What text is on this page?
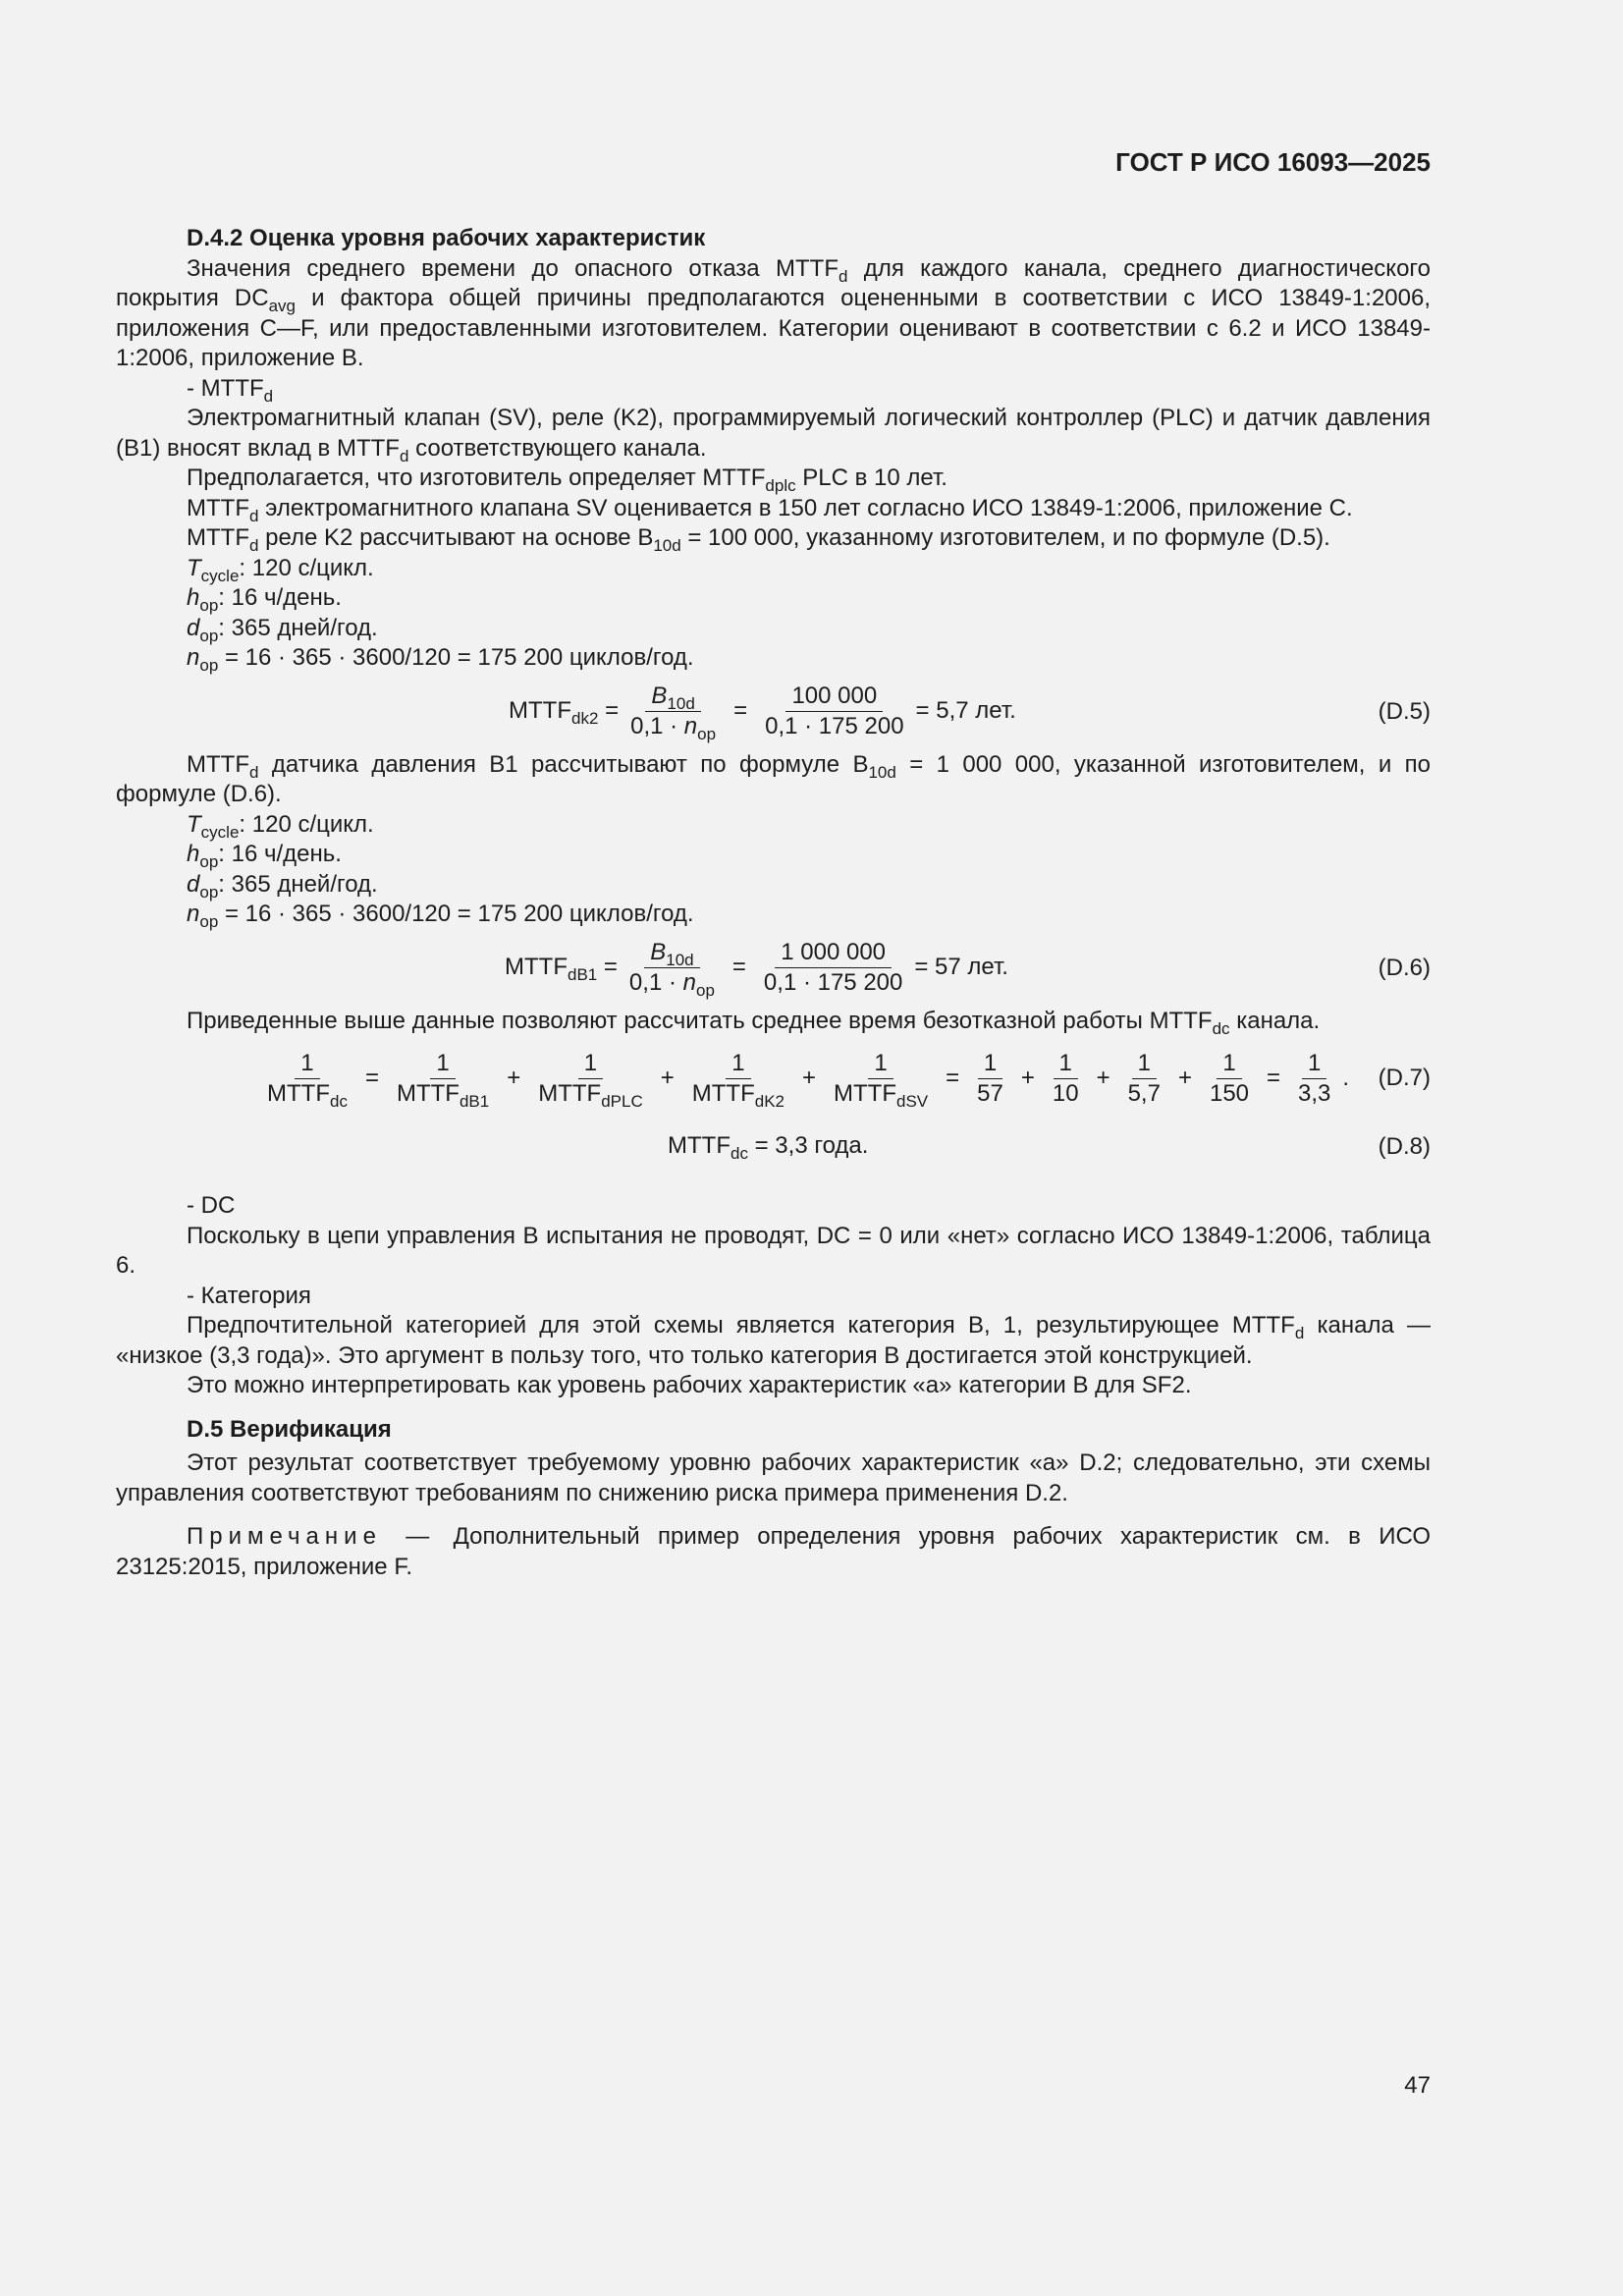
ГОСТ Р ИСО 16093—2025

D.4.2 Оценка уровня рабочих характеристик

Значения среднего времени до опасного отказа $MTTF_d$ для каждого канала, среднего диагностического покрытия $DC_{avg}$ и фактора общей причины предполагаются оцененными в соответствии с ИСО 13849-1:2006, приложения C—F, или предоставленными изготовителем. Категории оценивают в соответствии с 6.2 и ИСО 13849-1:2006, приложение B.

- $MTTF_d$

Электромагнитный клапан (SV), реле (K2), программируемый логический контроллер (PLC) и датчик давления (B1) вносят вклад в $MTTF_d$ соответствующего канала.

Предполагается, что изготовитель определяет $MTTF_{dplc}$ PLC в 10 лет.

$MTTF_d$ электромагнитного клапана SV оценивается в 150 лет согласно ИСО 13849-1:2006, приложение C.

$MTTF_d$ реле K2 рассчитывают на основе $B_{10d} = 100$ 000, указанному изготовителем, и по формуле (D.5).

$T_{cycle}$: 120 с/цикл.

$h_{op}$: 16 ч/день.

$d_{op}$: 365 дней/год.

$n_{op} = 16 \cdot 365 \cdot 3600/120 = 175$ 200 циклов/год.

$MTTF_{dk2} = \frac{B_{10d}}{0,1 \cdot n_{op}} = \frac{100 000}{0,1 \cdot 175 200} = 5,7$ лет.	(D.5)

$MTTF_d$ датчика давления B1 рассчитывают по формуле $B_{10d} = 1$ 000 000, указанной изготовителем, и по формуле (D.6).

$T_{cycle}$: 120 с/цикл.

$h_{op}$: 16 ч/день.

$d_{op}$: 365 дней/год.

$n_{op} = 16 \cdot 365 \cdot 3600/120 = 175$ 200 циклов/год.

$MTTF_{dB1} = \frac{B_{10d}}{0,1 \cdot n_{op}} = \frac{1 000 000}{0,1 \cdot 175 200} = 57$ лет.	(D.6)

Приведенные выше данные позволяют рассчитать среднее время безотказной работы $MTTF_{dc}$ канала.

$\frac{1}{MTTF_{dc}} = \frac{1}{MTTF_{dB1}} + \frac{1}{MTTF_{dPLC}} + \frac{1}{MTTF_{dK2}} + \frac{1}{MTTF_{dSV}} = \frac{1}{57} + \frac{1}{10} + \frac{1}{5,7} + \frac{1}{150} = \frac{1}{3,3}$ . (D.7)
$MTTF_{dc} = 3,3$ года.	(D.8)

- DC

Поскольку в цепи управления B испытания не проводят, DC = 0 или «нет» согласно ИСО 13849-1:2006, таблица 6.

- Категория

Предпочтительной категорией для этой схемы является категория B, 1, результирующее $MTTF_d$ канала — «низкое (3,3 года)». Это аргумент в пользу того, что только категория B достигается этой конструкцией.

Это можно интерпретировать как уровень рабочих характеристик «а» категории B для SF2.

D.5 Верификация

Этот результат соответствует требуемому уровню рабочих характеристик «а» D.2; следовательно, эти схемы управления соответствуют требованиям по снижению риска примера применения D.2.

Примечание — Дополнительный пример определения уровня рабочих характеристик см. в ИСО 23125:2015, приложение F.

47
